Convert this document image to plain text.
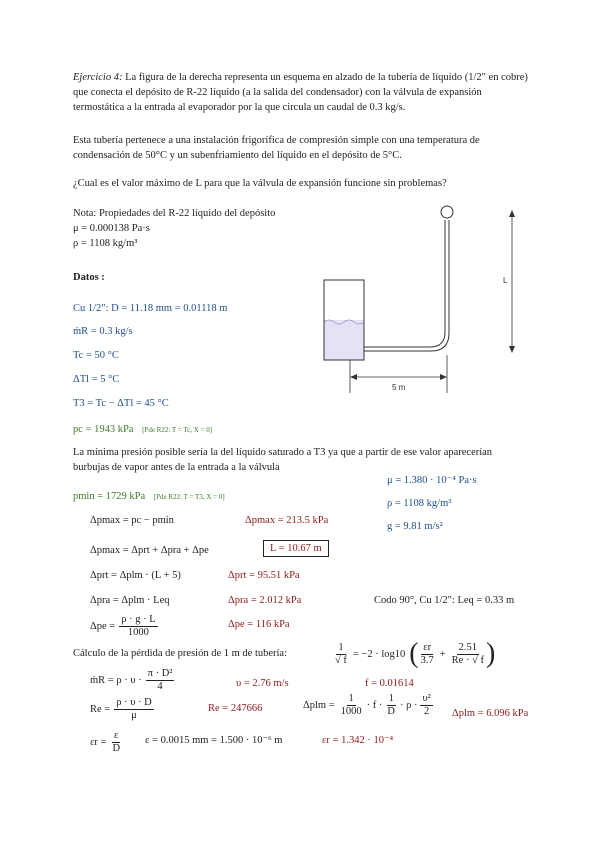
Ejercicio 4: La figura de la derecha representa un esquema en alzado de la tubería de líquido (1/2" en cobre)
que conecta el depósito de R-22 líquido (a la salida del condensador) con la válvula de expansión
termostática a la entrada al evaporador por la que circula un caudal de 0.3 kg/s.
Esta tubería pertenece a una instalación frigorífica de compresión simple con una temperatura de
condensación de 50°C y un subenfriamiento del líquido en el depósito de 5°C.
¿Cual es el valor máximo de L para que la válvula de expansión funcione sin problemas?
Nota: Propiedades del R-22 líquido del depósito
μ = 0.000138 Pa·s
ρ = 1108 kg/m³
Datos :
Cu 1/2": D = 11.18 mm = 0.01118 m
ṁR = 0.3 kg/s
Tc = 50 °C
ΔTl = 5 °C
T3 = Tc − ΔTl = 45 °C
pc = 1943 kPa [Pde R22: T = Tc, X = 0]
L
5 m
La mínima presión posible sería la del líquido saturado a T3 ya que a partir de ese valor aparecerían
burbujas de vapor antes de la entrada a la válvula
μ = 1.380 · 10⁻⁴ Pa·s
ρ = 1108 kg/m³
g = 9.81 m/s²
pmin = 1729 kPa [Pde R22: T = T3, X = 0]
Δpmax = pc − pmin	Δpmax = 213.5 kPa
Δpmax = Δprt + Δpra + Δpe	L = 10.67 m
Δprt = Δplm · (L + 5)	Δprt = 95.51 kPa
Δpra = Δplm · Leq	Δpra = 2.012 kPa	Codo 90°, Cu 1/2": Leq = 0.33 m
$\Delta pe = \frac{\rho \cdot g \cdot L}{1000}$	Δpe = 116 kPa
Cálculo de la pérdida de presión de 1 m de tubería:	$\frac{1}{√ f} = -2 \cdot \log 10$ ( $\frac{\varepsilon r}{3.7} + \frac{2.51}{Re \cdot √ f}$ )
ṁR = $\rho \cdot \upsilon \cdot \frac{\text{π · D²}}{4}$	υ = 2.76 m/s	f = 0.01614
$Re = \frac{\rho \cdot \upsilon \cdot D}{\mu}$	Re = 247666	$\Delta plm = \frac{1}{1000} \cdot f \cdot \frac{1}{D} \cdot \rho \cdot \frac{\text{υ²}}{2}$ Δplm = 6.096 kPa
$\varepsilon r = \frac{\varepsilon}{D}$ ε = 0.0015 mm = 1.500 · 10⁻⁶ m	εr = 1.342 · 10⁻⁴
